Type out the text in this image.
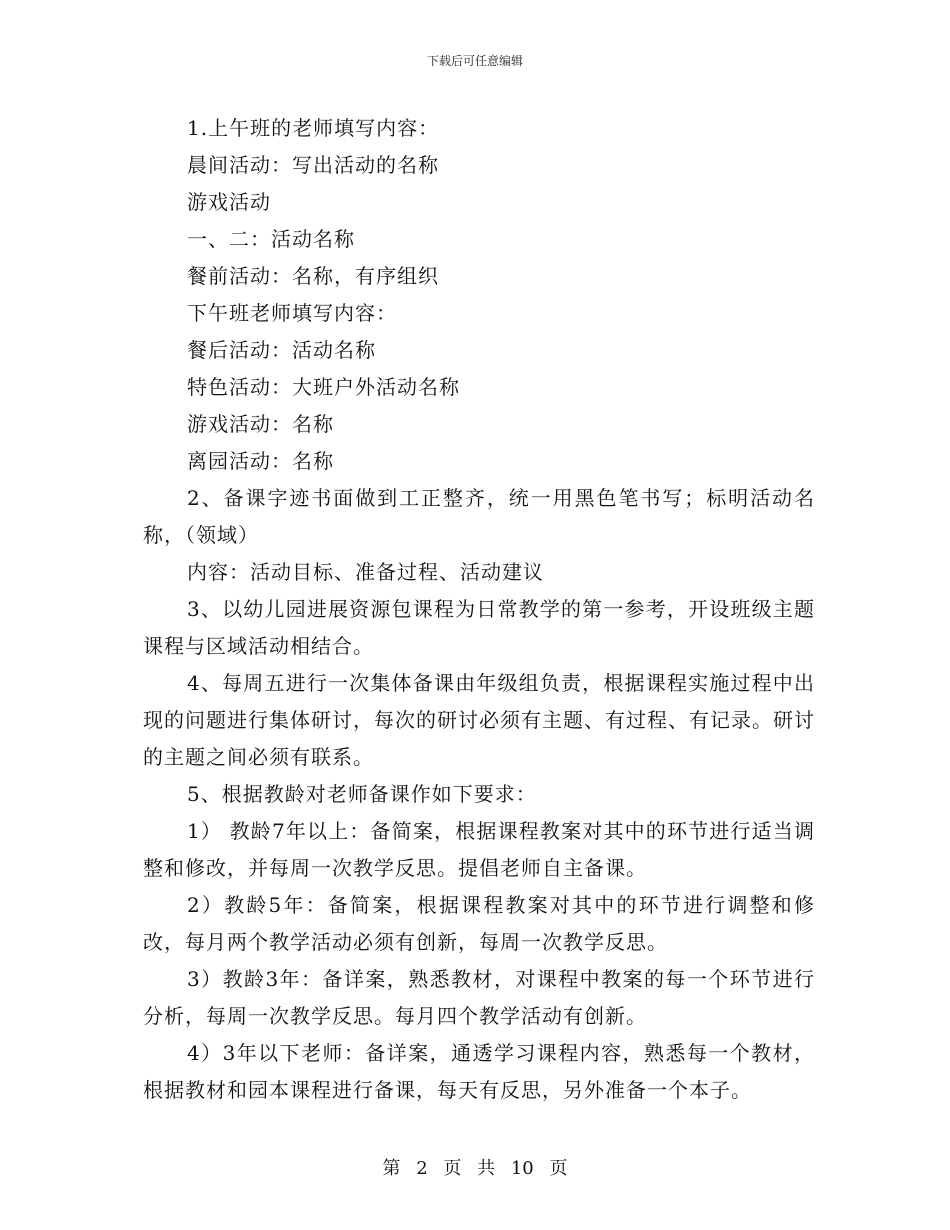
下载后可任意编辑

1.上午班的老师填写内容：

晨间活动：写出活动的名称

游戏活动

一、二：活动名称

餐前活动：名称，有序组织

下午班老师填写内容：

餐后活动：活动名称

特色活动：大班户外活动名称

游戏活动：名称

离园活动：名称

2、备课字迹书面做到工正整齐，统一用黑色笔书写；标明活动名称，（领域）

内容：活动目标、准备过程、活动建议

3、以幼儿园进展资源包课程为日常教学的第一参考，开设班级主题课程与区域活动相结合。

4、每周五进行一次集体备课由年级组负责，根据课程实施过程中出现的问题进行集体研讨，每次的研讨必须有主题、有过程、有记录。研讨的主题之间必须有联系。

5、根据教龄对老师备课作如下要求：

1） 教龄7年以上：备简案，根据课程教案对其中的环节进行适当调整和修改，并每周一次教学反思。提倡老师自主备课。

2）教龄5年：备简案，根据课程教案对其中的环节进行调整和修改，每月两个教学活动必须有创新，每周一次教学反思。

3）教龄3年：备详案，熟悉教材，对课程中教案的每一个环节进行分析，每周一次教学反思。每月四个教学活动有创新。

4）3年以下老师：备详案，通透学习课程内容，熟悉每一个教材，根据教材和园本课程进行备课，每天有反思，另外准备一个本子。

第 2 页 共 10 页
